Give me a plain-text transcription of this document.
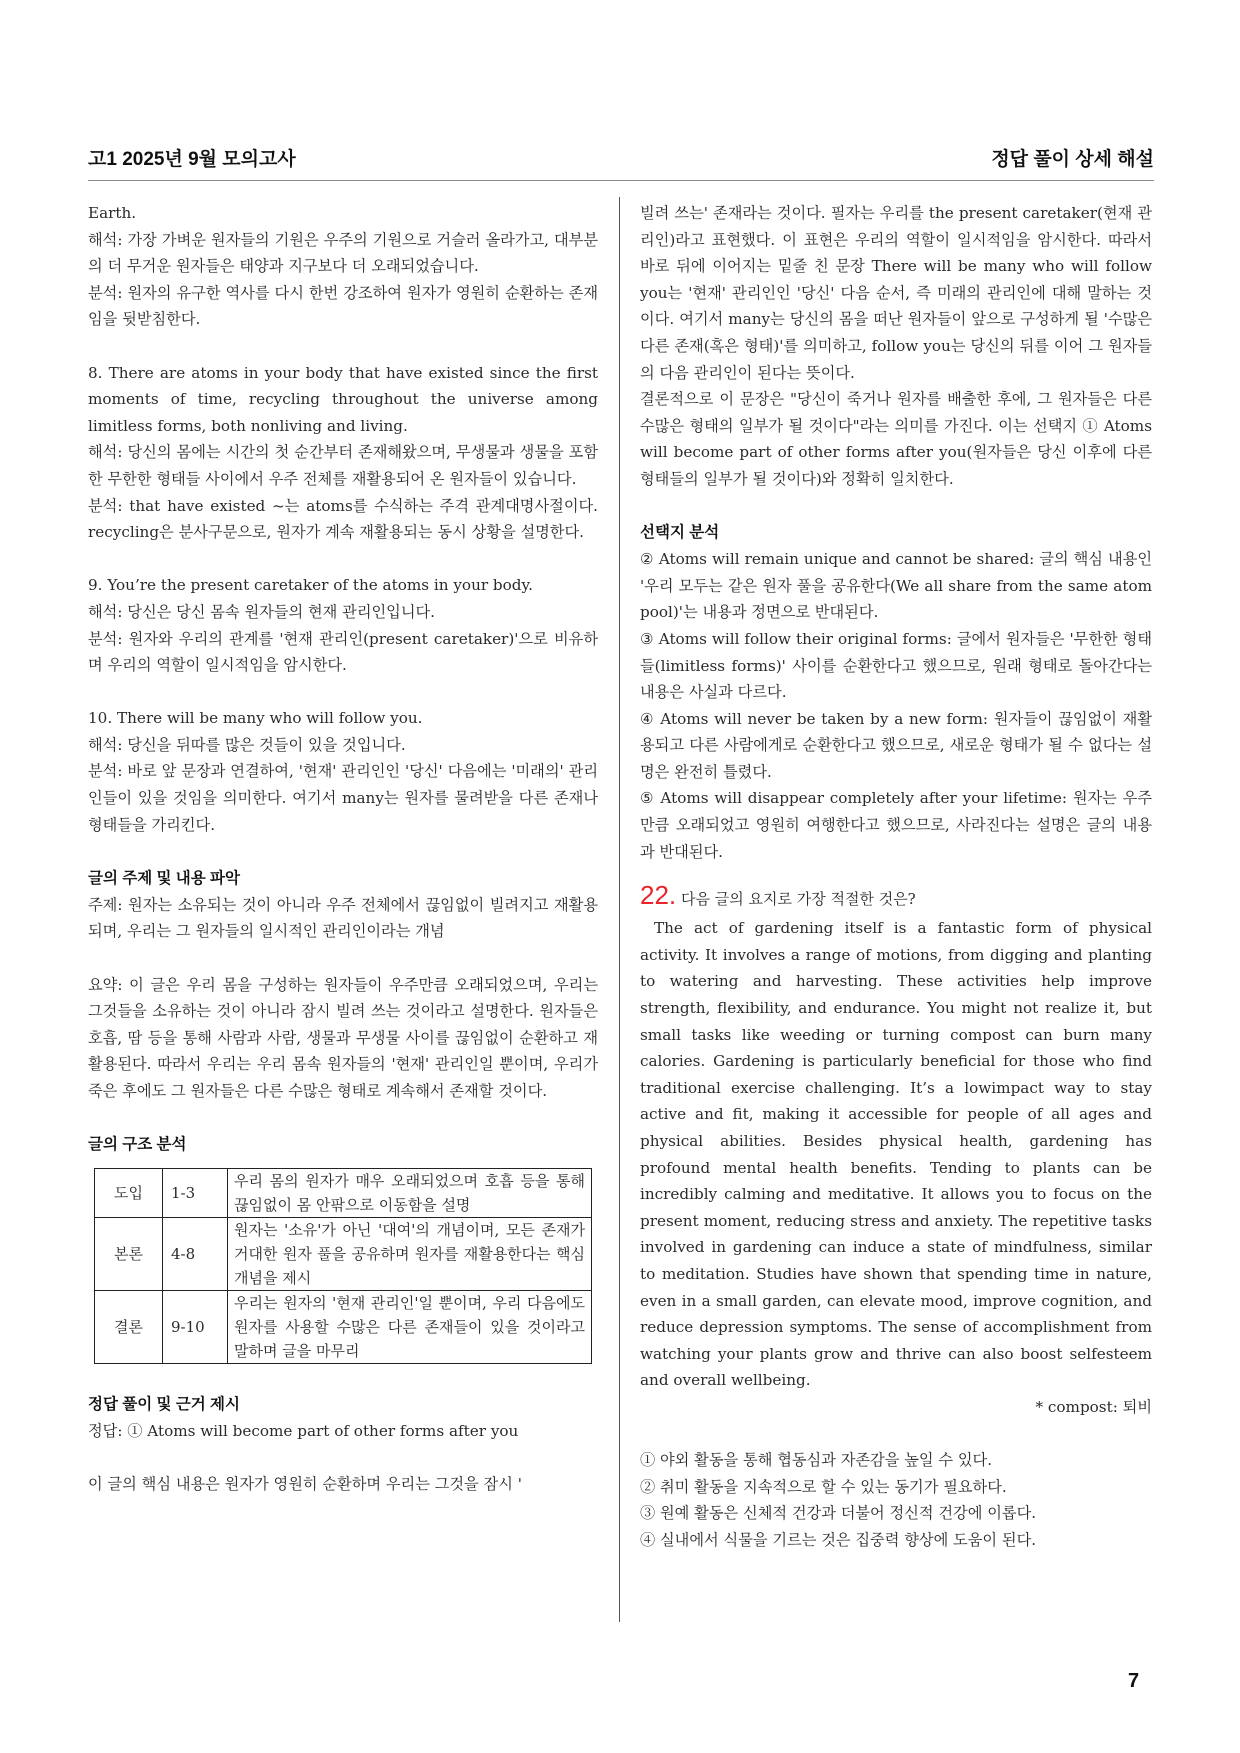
고1 2025년 9월 모의고사	정답 풀이 상세 해설

Earth.

해석: 가장 가벼운 원자들의 기원은 우주의 기원으로 거슬러 올라가고, 대부분의 더 무거운 원자들은 태양과 지구보다 더 오래되었습니다.

분석: 원자의 유구한 역사를 다시 한번 강조하여 원자가 영원히 순환하는 존재임을 뒷받침한다.

8. There are atoms in your body that have existed since the first moments of time, recycling throughout the universe among limitless forms, both nonliving and living.

해석: 당신의 몸에는 시간의 첫 순간부터 존재해왔으며, 무생물과 생물을 포함한 무한한 형태들 사이에서 우주 전체를 재활용되어 온 원자들이 있습니다.

분석: that have existed ~는 atoms를 수식하는 주격 관계대명사절이다. recycling은 분사구문으로, 원자가 계속 재활용되는 동시 상황을 설명한다.

9. You’re the present caretaker of the atoms in your body.

해석: 당신은 당신 몸속 원자들의 현재 관리인입니다.

분석: 원자와 우리의 관계를 '현재 관리인(present caretaker)'으로 비유하며 우리의 역할이 일시적임을 암시한다.

10. There will be many who will follow you.

해석: 당신을 뒤따를 많은 것들이 있을 것입니다.

분석: 바로 앞 문장과 연결하여, '현재' 관리인인 '당신' 다음에는 '미래의' 관리인들이 있을 것임을 의미한다. 여기서 many는 원자를 물려받을 다른 존재나 형태들을 가리킨다.

글의 주제 및 내용 파악

주제: 원자는 소유되는 것이 아니라 우주 전체에서 끊임없이 빌려지고 재활용되며, 우리는 그 원자들의 일시적인 관리인이라는 개념

요약: 이 글은 우리 몸을 구성하는 원자들이 우주만큼 오래되었으며, 우리는 그것들을 소유하는 것이 아니라 잠시 빌려 쓰는 것이라고 설명한다. 원자들은 호흡, 땀 등을 통해 사람과 사람, 생물과 무생물 사이를 끊임없이 순환하고 재활용된다. 따라서 우리는 우리 몸속 원자들의 '현재' 관리인일 뿐이며, 우리가 죽은 후에도 그 원자들은 다른 수많은 형태로 계속해서 존재할 것이다.

글의 구조 분석

도입	1-3	우리 몸의 원자가 매우 오래되었으며 호흡 등을 통해 끊임없이 몸 안팎으로 이동함을 설명
본론	4-8	원자는 '소유'가 아닌 '대여'의 개념이며, 모든 존재가 거대한 원자 풀을 공유하며 원자를 재활용한다는 핵심 개념을 제시
결론	9-10	우리는 원자의 '현재 관리인'일 뿐이며, 우리 다음에도 원자를 사용할 수많은 다른 존재들이 있을 것이라고 말하며 글을 마무리

정답 풀이 및 근거 제시

정답: ① Atoms will become part of other forms after you

이 글의 핵심 내용은 원자가 영원히 순환하며 우리는 그것을 잠시 '

빌려 쓰는' 존재라는 것이다. 필자는 우리를 the present caretaker(현재 관리인)라고 표현했다. 이 표현은 우리의 역할이 일시적임을 암시한다. 따라서 바로 뒤에 이어지는 밑줄 친 문장 There will be many who will follow you는 '현재' 관리인인 '당신' 다음 순서, 즉 미래의 관리인에 대해 말하는 것이다. 여기서 many는 당신의 몸을 떠난 원자들이 앞으로 구성하게 될 '수많은 다른 존재(혹은 형태)'를 의미하고, follow you는 당신의 뒤를 이어 그 원자들의 다음 관리인이 된다는 뜻이다.

결론적으로 이 문장은 "당신이 죽거나 원자를 배출한 후에, 그 원자들은 다른 수많은 형태의 일부가 될 것이다"라는 의미를 가진다. 이는 선택지 ① Atoms will become part of other forms after you(원자들은 당신 이후에 다른 형태들의 일부가 될 것이다)와 정확히 일치한다.

선택지 분석

② Atoms will remain unique and cannot be shared: 글의 핵심 내용인 '우리 모두는 같은 원자 풀을 공유한다(We all share from the same atom pool)'는 내용과 정면으로 반대된다.

③ Atoms will follow their original forms: 글에서 원자들은 '무한한 형태들(limitless forms)' 사이를 순환한다고 했으므로, 원래 형태로 돌아간다는 내용은 사실과 다르다.

④ Atoms will never be taken by a new form: 원자들이 끊임없이 재활용되고 다른 사람에게로 순환한다고 했으므로, 새로운 형태가 될 수 없다는 설명은 완전히 틀렸다.

⑤ Atoms will disappear completely after your lifetime: 원자는 우주만큼 오래되었고 영원히 여행한다고 했으므로, 사라진다는 설명은 글의 내용과 반대된다.

22. 다음 글의 요지로 가장 적절한 것은?

The act of gardening itself is a fantastic form of physical activity. It involves a range of motions, from digging and planting to watering and harvesting. These activities help improve strength, flexibility, and endurance. You might not realize it, but small tasks like weeding or turning compost can burn many calories. Gardening is particularly beneficial for those who find traditional exercise challenging. It’s a lowimpact way to stay active and fit, making it accessible for people of all ages and physical abilities. Besides physical health, gardening has profound mental health benefits. Tending to plants can be incredibly calming and meditative. It allows you to focus on the present moment, reducing stress and anxiety. The repetitive tasks involved in gardening can induce a state of mindfulness, similar to meditation. Studies have shown that spending time in nature, even in a small garden, can elevate mood, improve cognition, and reduce depression symptoms. The sense of accomplishment from watching your plants grow and thrive can also boost selfesteem and overall wellbeing.

* compost: 퇴비

① 야외 활동을 통해 협동심과 자존감을 높일 수 있다.

② 취미 활동을 지속적으로 할 수 있는 동기가 필요하다.

③ 원예 활동은 신체적 건강과 더불어 정신적 건강에 이롭다.

④ 실내에서 식물을 기르는 것은 집중력 향상에 도움이 된다.

7
